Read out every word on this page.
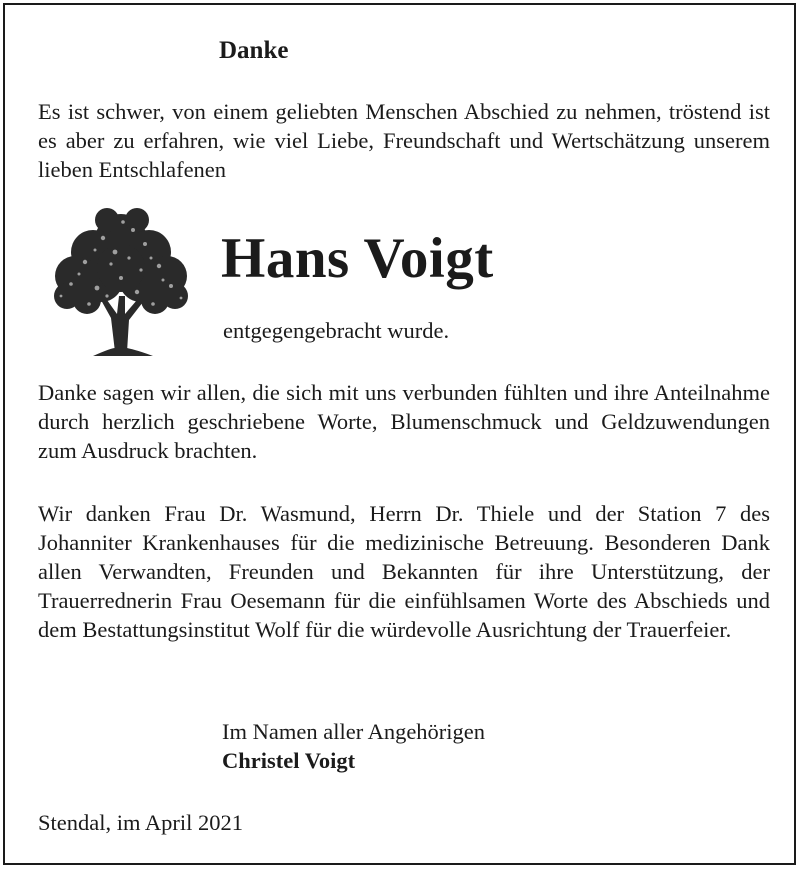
Danke

Es ist schwer, von einem geliebten Menschen Abschied zu nehmen, tröstend ist es aber zu erfahren, wie viel Liebe, Freundschaft und Wertschätzung unserem lieben Entschlafenen

Hans Voigt
entgegengebracht wurde.

Danke sagen wir allen, die sich mit uns verbunden fühlten und ihre Anteilnahme durch herzlich geschriebene Worte, Blumenschmuck und Geldzuwendungen zum Ausdruck brachten.

Wir danken Frau Dr. Wasmund, Herrn Dr. Thiele und der Station 7 des Johanniter Krankenhauses für die medizinische Betreuung. Besonderen Dank allen Verwandten, Freunden und Bekannten für ihre Unterstützung, der Trauerrednerin Frau Oesemann für die einfühlsamen Worte des Abschieds und dem Bestattungsinstitut Wolf für die würdevolle Ausrichtung der Trauerfeier.

Im Namen aller Angehörigen
Christel Voigt
Stendal, im April 2021
